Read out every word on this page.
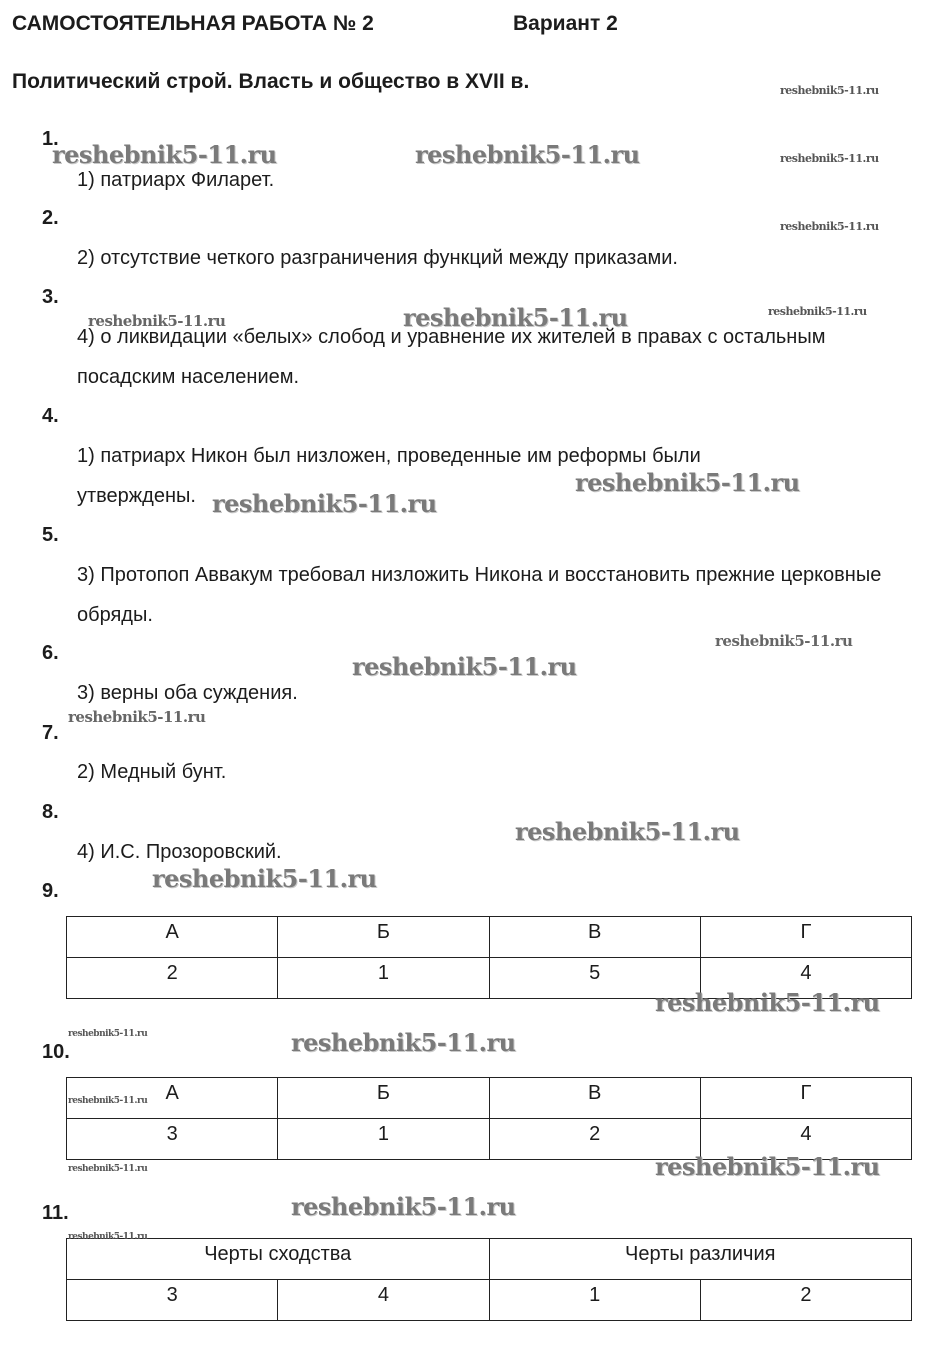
САМОСТОЯТЕЛЬНАЯ РАБОТА № 2	Вариант 2
Политический строй. Власть и общество в XVII в.
1.
1) патриарх Филарет.
2.
2) отсутствие четкого разграничения функций между приказами.
3.
4) о ликвидации «белых» слобод и уравнение их жителей в правах с остальным посадским населением.
4.
1) патриарх Никон был низложен, проведенные им реформы были утверждены.
5.
3) Протопоп Аввакум требовал низложить Никона и восстановить прежние церковные обряды.
6.
3) верны оба суждения.
7.
2) Медный бунт.
8.
4) И.С. Прозоровский.
9.
А	Б	В	Г
2	1	5	4
10.
А	Б	В	Г
3	1	2	4
11.
Черты сходства		Черты различия	
3	4	1	2
reshebnik5-11.ru
reshebnik5-11.ru	reshebnik5-11.ru	reshebnik5-11.ru
reshebnik5-11.ru
reshebnik5-11.ru	reshebnik5-11.ru	reshebnik5-11.ru
reshebnik5-11.ru
reshebnik5-11.ru
reshebnik5-11.ru
reshebnik5-11.ru
reshebnik5-11.ru
reshebnik5-11.ru
reshebnik5-11.ru
reshebnik5-11.ru
reshebnik5-11.ru	reshebnik5-11.ru
reshebnik5-11.ru
reshebnik5-11.ru
reshebnik5-11.ru
reshebnik5-11.ru
reshebnik5-11.ru
